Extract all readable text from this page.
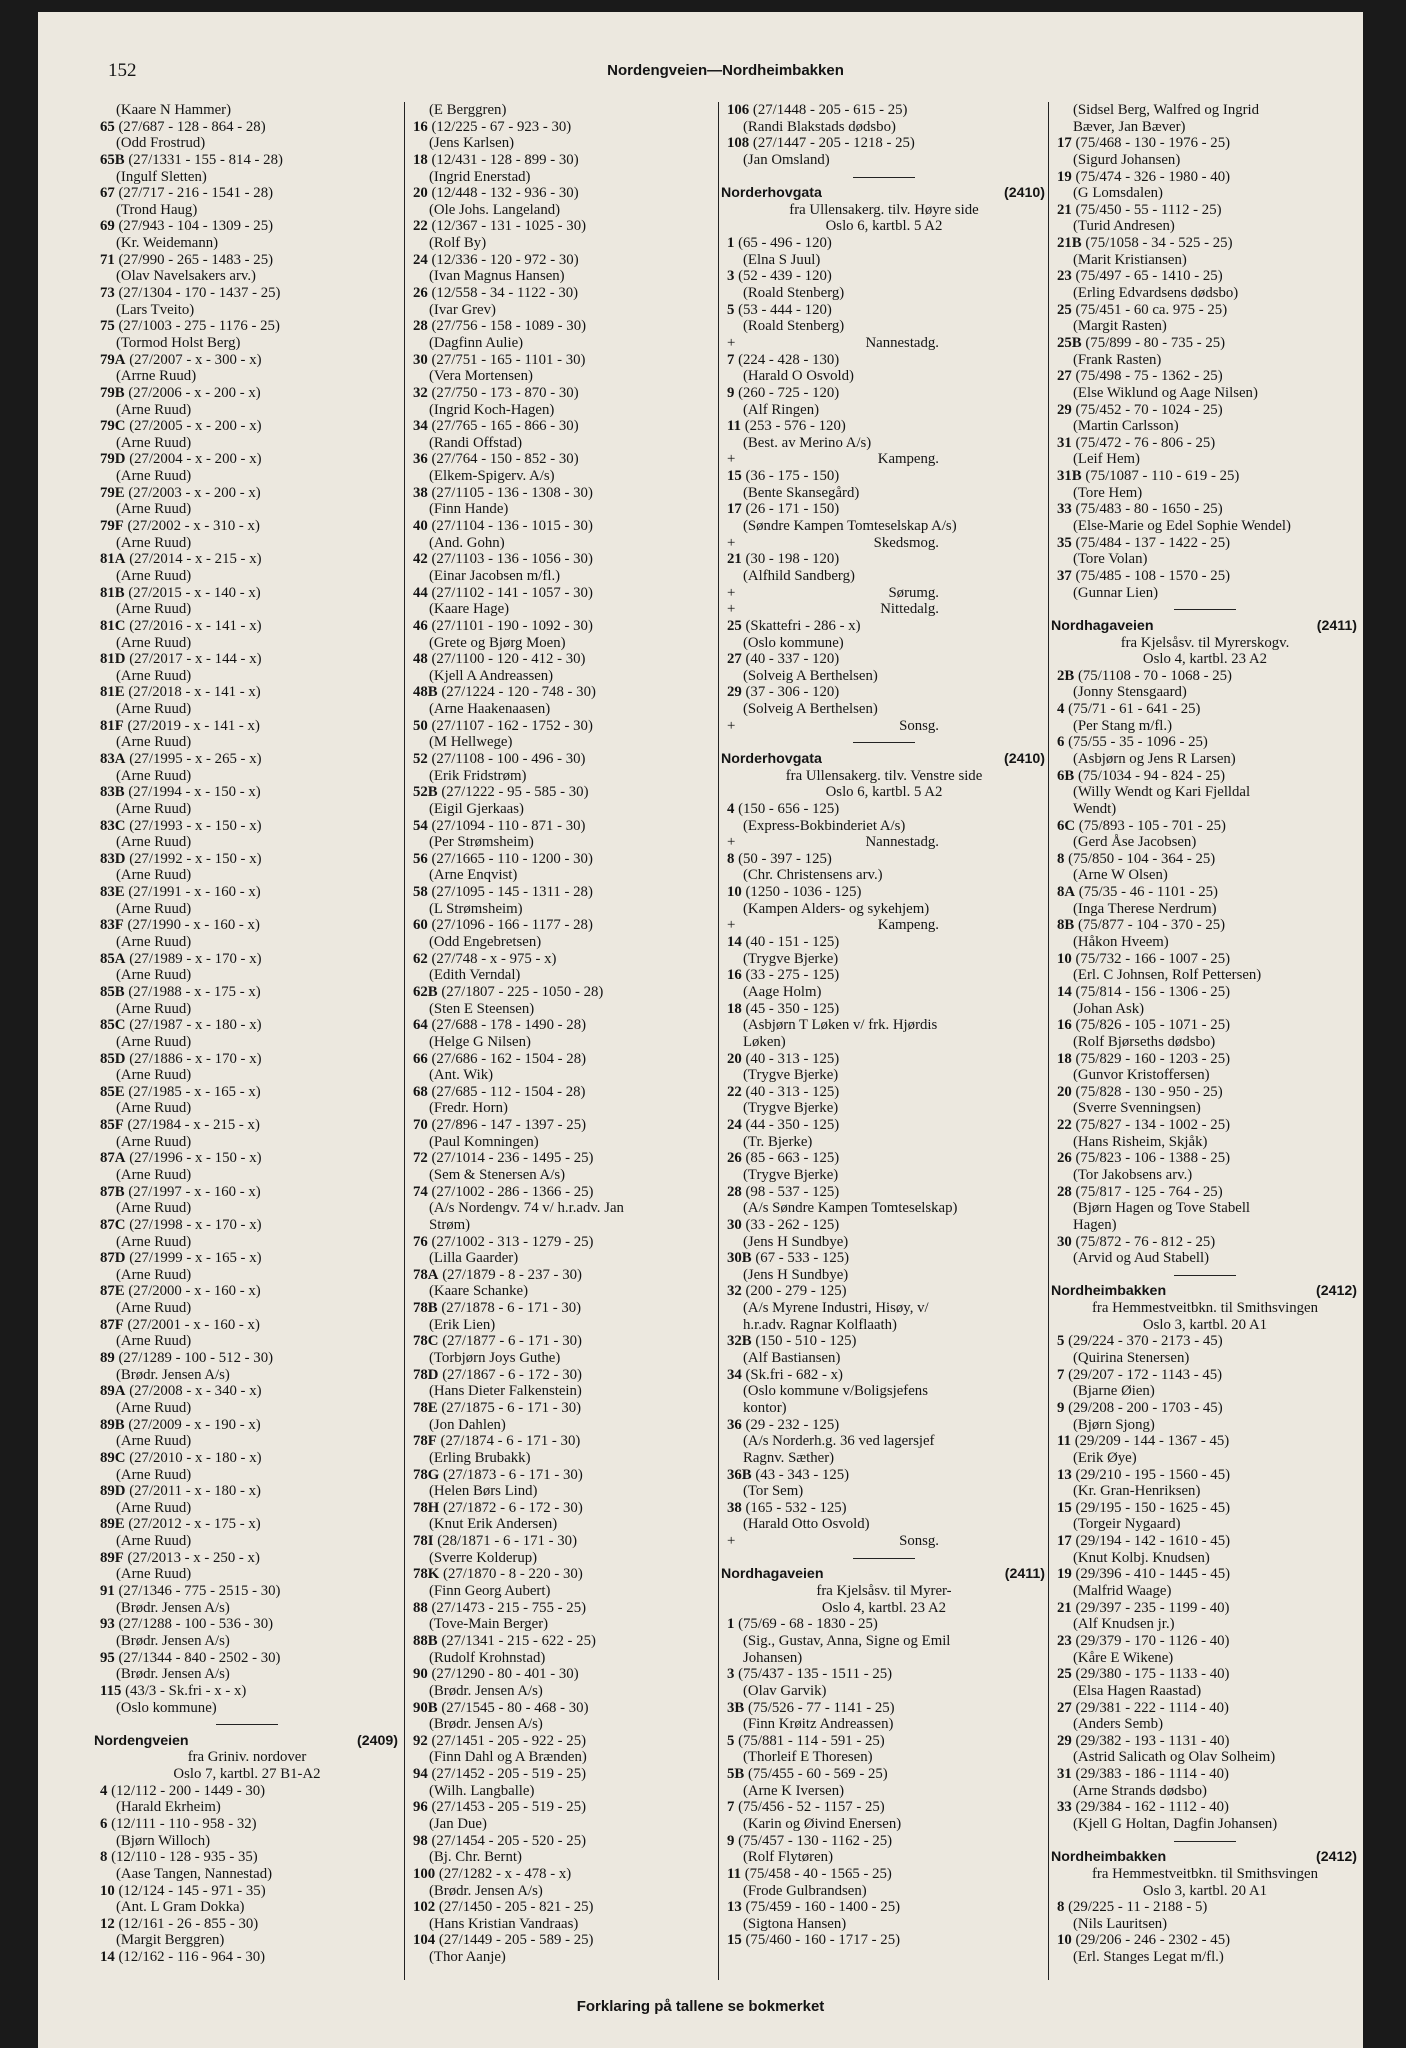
152	Nordengveien—Nordheimbakken
(Kaare N Hammer)
65 (27/687 - 128 - 864 - 28)
(Odd Frostrud)
65B (27/1331 - 155 - 814 - 28)
(Ingulf Sletten)
67 (27/717 - 216 - 1541 - 28)
(Trond Haug)
69 (27/943 - 104 - 1309 - 25)
(Kr. Weidemann)
71 (27/990 - 265 - 1483 - 25)
(Olav Navelsakers arv.)
73 (27/1304 - 170 - 1437 - 25)
(Lars Tveito)
75 (27/1003 - 275 - 1176 - 25)
(Tormod Holst Berg)
79A (27/2007 - x - 300 - x)
(Arrne Ruud)
79B (27/2006 - x - 200 - x)
(Arne Ruud)
79C (27/2005 - x - 200 - x)
(Arne Ruud)
79D (27/2004 - x - 200 - x)
(Arne Ruud)
79E (27/2003 - x - 200 - x)
(Arne Ruud)
79F (27/2002 - x - 310 - x)
(Arne Ruud)
81A (27/2014 - x - 215 - x)
(Arne Ruud)
81B (27/2015 - x - 140 - x)
(Arne Ruud)
81C (27/2016 - x - 141 - x)
(Arne Ruud)
81D (27/2017 - x - 144 - x)
(Arne Ruud)
81E (27/2018 - x - 141 - x)
(Arne Ruud)
81F (27/2019 - x - 141 - x)
(Arne Ruud)
83A (27/1995 - x - 265 - x)
(Arne Ruud)
83B (27/1994 - x - 150 - x)
(Arne Ruud)
83C (27/1993 - x - 150 - x)
(Arne Ruud)
83D (27/1992 - x - 150 - x)
(Arne Ruud)
83E (27/1991 - x - 160 - x)
(Arne Ruud)
83F (27/1990 - x - 160 - x)
(Arne Ruud)
85A (27/1989 - x - 170 - x)
(Arne Ruud)
85B (27/1988 - x - 175 - x)
(Arne Ruud)
85C (27/1987 - x - 180 - x)
(Arne Ruud)
85D (27/1886 - x - 170 - x)
(Arne Ruud)
85E (27/1985 - x - 165 - x)
(Arne Ruud)
85F (27/1984 - x - 215 - x)
(Arne Ruud)
87A (27/1996 - x - 150 - x)
(Arne Ruud)
87B (27/1997 - x - 160 - x)
(Arne Ruud)
87C (27/1998 - x - 170 - x)
(Arne Ruud)
87D (27/1999 - x - 165 - x)
(Arne Ruud)
87E (27/2000 - x - 160 - x)
(Arne Ruud)
87F (27/2001 - x - 160 - x)
(Arne Ruud)
89 (27/1289 - 100 - 512 - 30)
(Brødr. Jensen A/s)
89A (27/2008 - x - 340 - x)
(Arne Ruud)
89B (27/2009 - x - 190 - x)
(Arne Ruud)
89C (27/2010 - x - 180 - x)
(Arne Ruud)
89D (27/2011 - x - 180 - x)
(Arne Ruud)
89E (27/2012 - x - 175 - x)
(Arne Ruud)
89F (27/2013 - x - 250 - x)
(Arne Ruud)
91 (27/1346 - 775 - 2515 - 30)
(Brødr. Jensen A/s)
93 (27/1288 - 100 - 536 - 30)
(Brødr. Jensen A/s)
95 (27/1344 - 840 - 2502 - 30)
(Brødr. Jensen A/s)
115 (43/3 - Sk.fri - x - x)
(Oslo kommune)
Nordengveien	(2409)
fra Griniv. nordover
Oslo 7, kartbl. 27 B1-A2
4 (12/112 - 200 - 1449 - 30)
(Harald Ekrheim)
6 (12/111 - 110 - 958 - 32)
(Bjørn Willoch)
8 (12/110 - 128 - 935 - 35)
(Aase Tangen, Nannestad)
10 (12/124 - 145 - 971 - 35)
(Ant. L Gram Dokka)
12 (12/161 - 26 - 855 - 30)
(Margit Berggren)
14 (12/162 - 116 - 964 - 30)
(E Berggren)
16 (12/225 - 67 - 923 - 30)
(Jens Karlsen)
18 (12/431 - 128 - 899 - 30)
(Ingrid Enerstad)
20 (12/448 - 132 - 936 - 30)
(Ole Johs. Langeland)
22 (12/367 - 131 - 1025 - 30)
(Rolf By)
24 (12/336 - 120 - 972 - 30)
(Ivan Magnus Hansen)
26 (12/558 - 34 - 1122 - 30)
(Ivar Grev)
28 (27/756 - 158 - 1089 - 30)
(Dagfinn Aulie)
30 (27/751 - 165 - 1101 - 30)
(Vera Mortensen)
32 (27/750 - 173 - 870 - 30)
(Ingrid Koch-Hagen)
34 (27/765 - 165 - 866 - 30)
(Randi Offstad)
36 (27/764 - 150 - 852 - 30)
(Elkem-Spigerv. A/s)
38 (27/1105 - 136 - 1308 - 30)
(Finn Hande)
40 (27/1104 - 136 - 1015 - 30)
(And. Gohn)
42 (27/1103 - 136 - 1056 - 30)
(Einar Jacobsen m/fl.)
44 (27/1102 - 141 - 1057 - 30)
(Kaare Hage)
46 (27/1101 - 190 - 1092 - 30)
(Grete og Bjørg Moen)
48 (27/1100 - 120 - 412 - 30)
(Kjell A Andreassen)
48B (27/1224 - 120 - 748 - 30)
(Arne Haakenaasen)
50 (27/1107 - 162 - 1752 - 30)
(M Hellwege)
52 (27/1108 - 100 - 496 - 30)
(Erik Fridstrøm)
52B (27/1222 - 95 - 585 - 30)
(Eigil Gjerkaas)
54 (27/1094 - 110 - 871 - 30)
(Per Strømsheim)
56 (27/1665 - 110 - 1200 - 30)
(Arne Enqvist)
58 (27/1095 - 145 - 1311 - 28)
(L Strømsheim)
60 (27/1096 - 166 - 1177 - 28)
(Odd Engebretsen)
62 (27/748 - x - 975 - x)
(Edith Verndal)
62B (27/1807 - 225 - 1050 - 28)
(Sten E Steensen)
64 (27/688 - 178 - 1490 - 28)
(Helge G Nilsen)
66 (27/686 - 162 - 1504 - 28)
(Ant. Wik)
68 (27/685 - 112 - 1504 - 28)
(Fredr. Horn)
70 (27/896 - 147 - 1397 - 25)
(Paul Komningen)
72 (27/1014 - 236 - 1495 - 25)
(Sem & Stenersen A/s)
74 (27/1002 - 286 - 1366 - 25)
(A/s Nordengv. 74 v/ h.r.adv. Jan
Strøm)
76 (27/1002 - 313 - 1279 - 25)
(Lilla Gaarder)
78A (27/1879 - 8 - 237 - 30)
(Kaare Schanke)
78B (27/1878 - 6 - 171 - 30)
(Erik Lien)
78C (27/1877 - 6 - 171 - 30)
(Torbjørn Joys Guthe)
78D (27/1867 - 6 - 172 - 30)
(Hans Dieter Falkenstein)
78E (27/1875 - 6 - 171 - 30)
(Jon Dahlen)
78F (27/1874 - 6 - 171 - 30)
(Erling Brubakk)
78G (27/1873 - 6 - 171 - 30)
(Helen Børs Lind)
78H (27/1872 - 6 - 172 - 30)
(Knut Erik Andersen)
78I (28/1871 - 6 - 171 - 30)
(Sverre Kolderup)
78K (27/1870 - 8 - 220 - 30)
(Finn Georg Aubert)
88 (27/1473 - 215 - 755 - 25)
(Tove-Main Berger)
88B (27/1341 - 215 - 622 - 25)
(Rudolf Krohnstad)
90 (27/1290 - 80 - 401 - 30)
(Brødr. Jensen A/s)
90B (27/1545 - 80 - 468 - 30)
(Brødr. Jensen A/s)
92 (27/1451 - 205 - 922 - 25)
(Finn Dahl og A Brænden)
94 (27/1452 - 205 - 519 - 25)
(Wilh. Langballe)
96 (27/1453 - 205 - 519 - 25)
(Jan Due)
98 (27/1454 - 205 - 520 - 25)
(Bj. Chr. Bernt)
100 (27/1282 - x - 478 - x)
(Brødr. Jensen A/s)
102 (27/1450 - 205 - 821 - 25)
(Hans Kristian Vandraas)
104 (27/1449 - 205 - 589 - 25)
(Thor Aanje)
106 (27/1448 - 205 - 615 - 25)
(Randi Blakstads dødsbo)
108 (27/1447 - 205 - 1218 - 25)
(Jan Omsland)
Norderhovgata	(2410)
fra Ullensakerg. tilv. Høyre side
Oslo 6, kartbl. 5 A2
1 (65 - 496 - 120)
(Elna S Juul)
3 (52 - 439 - 120)
(Roald Stenberg)
5 (53 - 444 - 120)
(Roald Stenberg)
+	Nannestadg.
7 (224 - 428 - 130)
(Harald O Osvold)
9 (260 - 725 - 120)
(Alf Ringen)
11 (253 - 576 - 120)
(Best. av Merino A/s)
+	Kampeng.
15 (36 - 175 - 150)
(Bente Skansegård)
17 (26 - 171 - 150)
(Søndre Kampen Tomteselskap A/s)
+	Skedsmog.
21 (30 - 198 - 120)
(Alfhild Sandberg)
+	Sørumg.
+	Nittedalg.
25 (Skattefri - 286 - x)
(Oslo kommune)
27 (40 - 337 - 120)
(Solveig A Berthelsen)
29 (37 - 306 - 120)
(Solveig A Berthelsen)
+	Sonsg.
Norderhovgata	(2410)
fra Ullensakerg. tilv. Venstre side
Oslo 6, kartbl. 5 A2
4 (150 - 656 - 125)
(Express-Bokbinderiet A/s)
+	Nannestadg.
8 (50 - 397 - 125)
(Chr. Christensens arv.)
10 (1250 - 1036 - 125)
(Kampen Alders- og sykehjem)
+	Kampeng.
14 (40 - 151 - 125)
(Trygve Bjerke)
16 (33 - 275 - 125)
(Aage Holm)
18 (45 - 350 - 125)
(Asbjørn T Løken v/ frk. Hjørdis
Løken)
20 (40 - 313 - 125)
(Trygve Bjerke)
22 (40 - 313 - 125)
(Trygve Bjerke)
24 (44 - 350 - 125)
(Tr. Bjerke)
26 (85 - 663 - 125)
(Trygve Bjerke)
28 (98 - 537 - 125)
(A/s Søndre Kampen Tomteselskap)
30 (33 - 262 - 125)
(Jens H Sundbye)
30B (67 - 533 - 125)
(Jens H Sundbye)
32 (200 - 279 - 125)
(A/s Myrene Industri, Hisøy, v/
h.r.adv. Ragnar Kolflaath)
32B (150 - 510 - 125)
(Alf Bastiansen)
34 (Sk.fri - 682 - x)
(Oslo kommune v/Boligsjefens
kontor)
36 (29 - 232 - 125)
(A/s Norderh.g. 36 ved lagersjef
Ragnv. Sæther)
36B (43 - 343 - 125)
(Tor Sem)
38 (165 - 532 - 125)
(Harald Otto Osvold)
+	Sonsg.
Nordhagaveien	(2411)
fra Kjelsåsv. til Myrer-
Oslo 4, kartbl. 23 A2
1 (75/69 - 68 - 1830 - 25)
(Sig., Gustav, Anna, Signe og Emil
Johansen)
3 (75/437 - 135 - 1511 - 25)
(Olav Garvik)
3B (75/526 - 77 - 1141 - 25)
(Finn Krøitz Andreassen)
5 (75/881 - 114 - 591 - 25)
(Thorleif E Thoresen)
5B (75/455 - 60 - 569 - 25)
(Arne K Iversen)
7 (75/456 - 52 - 1157 - 25)
(Karin og Øivind Enersen)
9 (75/457 - 130 - 1162 - 25)
(Rolf Flytøren)
11 (75/458 - 40 - 1565 - 25)
(Frode Gulbrandsen)
13 (75/459 - 160 - 1400 - 25)
(Sigtona Hansen)
15 (75/460 - 160 - 1717 - 25)
(Sidsel Berg, Walfred og Ingrid
Bæver, Jan Bæver)
17 (75/468 - 130 - 1976 - 25)
(Sigurd Johansen)
19 (75/474 - 326 - 1980 - 40)
(G Lomsdalen)
21 (75/450 - 55 - 1112 - 25)
(Turid Andresen)
21B (75/1058 - 34 - 525 - 25)
(Marit Kristiansen)
23 (75/497 - 65 - 1410 - 25)
(Erling Edvardsens dødsbo)
25 (75/451 - 60 ca. 975 - 25)
(Margit Rasten)
25B (75/899 - 80 - 735 - 25)
(Frank Rasten)
27 (75/498 - 75 - 1362 - 25)
(Else Wiklund og Aage Nilsen)
29 (75/452 - 70 - 1024 - 25)
(Martin Carlsson)
31 (75/472 - 76 - 806 - 25)
(Leif Hem)
31B (75/1087 - 110 - 619 - 25)
(Tore Hem)
33 (75/483 - 80 - 1650 - 25)
(Else-Marie og Edel Sophie Wendel)
35 (75/484 - 137 - 1422 - 25)
(Tore Volan)
37 (75/485 - 108 - 1570 - 25)
(Gunnar Lien)
Nordhagaveien	(2411)
fra Kjelsåsv. til Myrerskogv.
Oslo 4, kartbl. 23 A2
2B (75/1108 - 70 - 1068 - 25)
(Jonny Stensgaard)
4 (75/71 - 61 - 641 - 25)
(Per Stang m/fl.)
6 (75/55 - 35 - 1096 - 25)
(Asbjørn og Jens R Larsen)
6B (75/1034 - 94 - 824 - 25)
(Willy Wendt og Kari Fjelldal
Wendt)
6C (75/893 - 105 - 701 - 25)
(Gerd Åse Jacobsen)
8 (75/850 - 104 - 364 - 25)
(Arne W Olsen)
8A (75/35 - 46 - 1101 - 25)
(Inga Therese Nerdrum)
8B (75/877 - 104 - 370 - 25)
(Håkon Hveem)
10 (75/732 - 166 - 1007 - 25)
(Erl. C Johnsen, Rolf Pettersen)
14 (75/814 - 156 - 1306 - 25)
(Johan Ask)
16 (75/826 - 105 - 1071 - 25)
(Rolf Bjørseths dødsbo)
18 (75/829 - 160 - 1203 - 25)
(Gunvor Kristoffersen)
20 (75/828 - 130 - 950 - 25)
(Sverre Svenningsen)
22 (75/827 - 134 - 1002 - 25)
(Hans Risheim, Skjåk)
26 (75/823 - 106 - 1388 - 25)
(Tor Jakobsens arv.)
28 (75/817 - 125 - 764 - 25)
(Bjørn Hagen og Tove Stabell
Hagen)
30 (75/872 - 76 - 812 - 25)
(Arvid og Aud Stabell)
Nordheimbakken	(2412)
fra Hemmestveitbkn. til Smithsvingen
Oslo 3, kartbl. 20 A1
5 (29/224 - 370 - 2173 - 45)
(Quirina Stenersen)
7 (29/207 - 172 - 1143 - 45)
(Bjarne Øien)
9 (29/208 - 200 - 1703 - 45)
(Bjørn Sjong)
11 (29/209 - 144 - 1367 - 45)
(Erik Øye)
13 (29/210 - 195 - 1560 - 45)
(Kr. Gran-Henriksen)
15 (29/195 - 150 - 1625 - 45)
(Torgeir Nygaard)
17 (29/194 - 142 - 1610 - 45)
(Knut Kolbj. Knudsen)
19 (29/396 - 410 - 1445 - 45)
(Malfrid Waage)
21 (29/397 - 235 - 1199 - 40)
(Alf Knudsen jr.)
23 (29/379 - 170 - 1126 - 40)
(Kåre E Wikene)
25 (29/380 - 175 - 1133 - 40)
(Elsa Hagen Raastad)
27 (29/381 - 222 - 1114 - 40)
(Anders Semb)
29 (29/382 - 193 - 1131 - 40)
(Astrid Salicath og Olav Solheim)
31 (29/383 - 186 - 1114 - 40)
(Arne Strands dødsbo)
33 (29/384 - 162 - 1112 - 40)
(Kjell G Holtan, Dagfin Johansen)
Nordheimbakken	(2412)
fra Hemmestveitbkn. til Smithsvingen
Oslo 3, kartbl. 20 A1
8 (29/225 - 11 - 2188 - 5)
(Nils Lauritsen)
10 (29/206 - 246 - 2302 - 45)
(Erl. Stanges Legat m/fl.)
Forklaring på tallene se bokmerket
